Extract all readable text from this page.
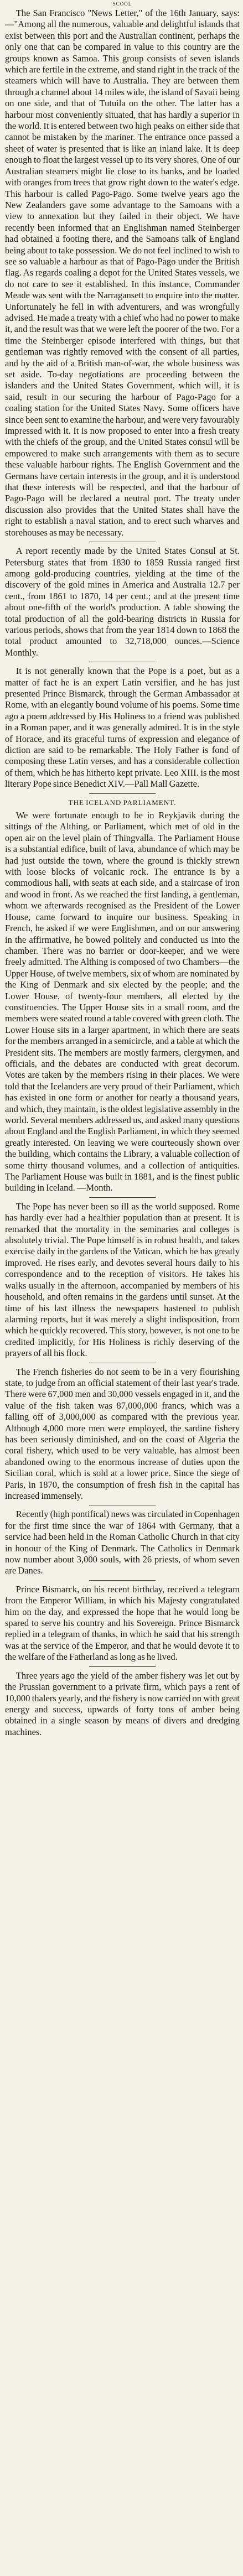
SCOOL

The San Francisco "News Letter," of the 16th January, says:—"Among all the numerous, valuable and delightful islands that exist between this port and the Australian continent, perhaps the only one that can be compared in value to this country are the groups known as Samoa. This group consists of seven islands which are fertile in the extreme, and stand right in the track of the steamers which will have to Australia. They are between them through a channel about 14 miles wide, the island of Savaii being on one side, and that of Tutuila on the other. The latter has a harbour most conveniently situated, that has hardly a superior in the world. It is entered between two high peaks on either side that cannot be mistaken by the mariner. The entrance once passed a sheet of water is presented that is like an inland lake. It is deep enough to float the largest vessel up to its very shores. One of our Australian steamers might lie close to its banks, and be loaded with oranges from trees that grow right down to the water's edge. This harbour is called Pago-Pago. Some twelve years ago the New Zealanders gave some advantage to the Samoans with a view to annexation but they failed in their object. We have recently been informed that an Englishman named Steinberger had obtained a footing there, and the Samoans talk of England being about to take possession. We do not feel inclined to wish to see so valuable a harbour as that of Pago-Pago under the British flag. As regards coaling a depot for the United States vessels, we do not care to see it established. In this instance, Commander Meade was sent with the Narragansett to enquire into the matter. Unfortunately he fell in with adventurers, and was wrongfully advised. He made a treaty with a chief who had no power to make it, and the result was that we were left the poorer of the two. For a time the Steinberger episode interfered with things, but that gentleman was rightly removed with the consent of all parties, and by the aid of a British man-of-war, the whole business was set aside. To-day negotiations are proceeding between the islanders and the United States Government, which will, it is said, result in our securing the harbour of Pago-Pago for a coaling station for the United States Navy. Some officers have since been sent to examine the harbour, and were very favourably impressed with it. It is now proposed to enter into a fresh treaty with the chiefs of the group, and the United States consul will be empowered to make such arrangements with them as to secure these valuable harbour rights. The English Government and the Germans have certain interests in the group, and it is understood that these interests will be respected, and that the harbour of Pago-Pago will be declared a neutral port. The treaty under discussion also provides that the United States shall have the right to establish a naval station, and to erect such wharves and storehouses as may be necessary.

A report recently made by the United States Consul at St. Petersburg states that from 1830 to 1859 Russia ranged first among gold-producing countries, yielding at the time of the discovery of the gold mines in America and Australia 12.7 per cent., from 1861 to 1870, 14 per cent.; and at the present time about one-fifth of the world's production. A table showing the total production of all the gold-bearing districts in Russia for various periods, shows that from the year 1814 down to 1868 the total product amounted to 32,718,000 ounces.—Science Monthly.

It is not generally known that the Pope is a poet, but as a matter of fact he is an expert Latin versifier, and he has just presented Prince Bismarck, through the German Ambassador at Rome, with an elegantly bound volume of his poems. Some time ago a poem addressed by His Holiness to a friend was published in a Roman paper, and it was generally admired. It is in the style of Horace, and its graceful turns of expression and elegance of diction are said to be remarkable. The Holy Father is fond of composing these Latin verses, and has a considerable collection of them, which he has hitherto kept private. Leo XIII. is the most literary Pope since Benedict XIV.—Pall Mall Gazette.

THE ICELAND PARLIAMENT.

We were fortunate enough to be in Reykjavik during the sittings of the Althing, or Parliament, which met of old in the open air on the level plain of Thingvalla. The Parliament House is a substantial edifice, built of lava, abundance of which may be had just outside the town, where the ground is thickly strewn with loose blocks of volcanic rock. The entrance is by a commodious hall, with seats at each side, and a staircase of iron and wood in front. As we reached the first landing, a gentleman, whom we afterwards recognised as the President of the Lower House, came forward to inquire our business. Speaking in French, he asked if we were Englishmen, and on our answering in the affirmative, he bowed politely and conducted us into the chamber. There was no barrier or door-keeper, and we were freely admitted. The Althing is composed of two Chambers—the Upper House, of twelve members, six of whom are nominated by the King of Denmark and six elected by the people; and the Lower House, of twenty-four members, all elected by the constituencies. The Upper House sits in a small room, and the members were seated round a table covered with green cloth. The Lower House sits in a larger apartment, in which there are seats for the members arranged in a semicircle, and a table at which the President sits. The members are mostly farmers, clergymen, and officials, and the debates are conducted with great decorum. Votes are taken by the members rising in their places. We were told that the Icelanders are very proud of their Parliament, which has existed in one form or another for nearly a thousand years, and which, they maintain, is the oldest legislative assembly in the world. Several members addressed us, and asked many questions about England and the English Parliament, in which they seemed greatly interested. On leaving we were courteously shown over the building, which contains the Library, a valuable collection of some thirty thousand volumes, and a collection of antiquities. The Parliament House was built in 1881, and is the finest public building in Iceland. —Month.

The Pope has never been so ill as the world supposed. Rome has hardly ever had a healthier population than at present. It is remarked that the mortality in the seminaries and colleges is absolutely trivial. The Pope himself is in robust health, and takes exercise daily in the gardens of the Vatican, which he has greatly improved. He rises early, and devotes several hours daily to his correspondence and to the reception of visitors. He takes his walks usually in the afternoon, accompanied by members of his household, and often remains in the gardens until sunset. At the time of his last illness the newspapers hastened to publish alarming reports, but it was merely a slight indisposition, from which he quickly recovered. This story, however, is not one to be credited implicitly, for His Holiness is richly deserving of the prayers of all his flock.

The French fisheries do not seem to be in a very flourishing state, to judge from an official statement of their last year's trade. There were 67,000 men and 30,000 vessels engaged in it, and the value of the fish taken was 87,000,000 francs, which was a falling off of 3,000,000 as compared with the previous year. Although 4,000 more men were employed, the sardine fishery has been seriously diminished, and on the coast of Algeria the coral fishery, which used to be very valuable, has almost been abandoned owing to the enormous increase of duties upon the Sicilian coral, which is sold at a lower price. Since the siege of Paris, in 1870, the consumption of fresh fish in the capital has increased immensely.

Recently (high pontifical) news was circulated in Copenhagen for the first time since the war of 1864 with Germany, that a service had been held in the Roman Catholic Church in that city in honour of the King of Denmark. The Catholics in Denmark now number about 3,000 souls, with 26 priests, of whom seven are Danes.

Prince Bismarck, on his recent birthday, received a telegram from the Emperor William, in which his Majesty congratulated him on the day, and expressed the hope that he would long be spared to serve his country and his Sovereign. Prince Bismarck replied in a telegram of thanks, in which he said that his strength was at the service of the Emperor, and that he would devote it to the welfare of the Fatherland as long as he lived.

Three years ago the yield of the amber fishery was let out by the Prussian government to a private firm, which pays a rent of 10,000 thalers yearly, and the fishery is now carried on with great energy and success, upwards of forty tons of amber being obtained in a single season by means of divers and dredging machines.
